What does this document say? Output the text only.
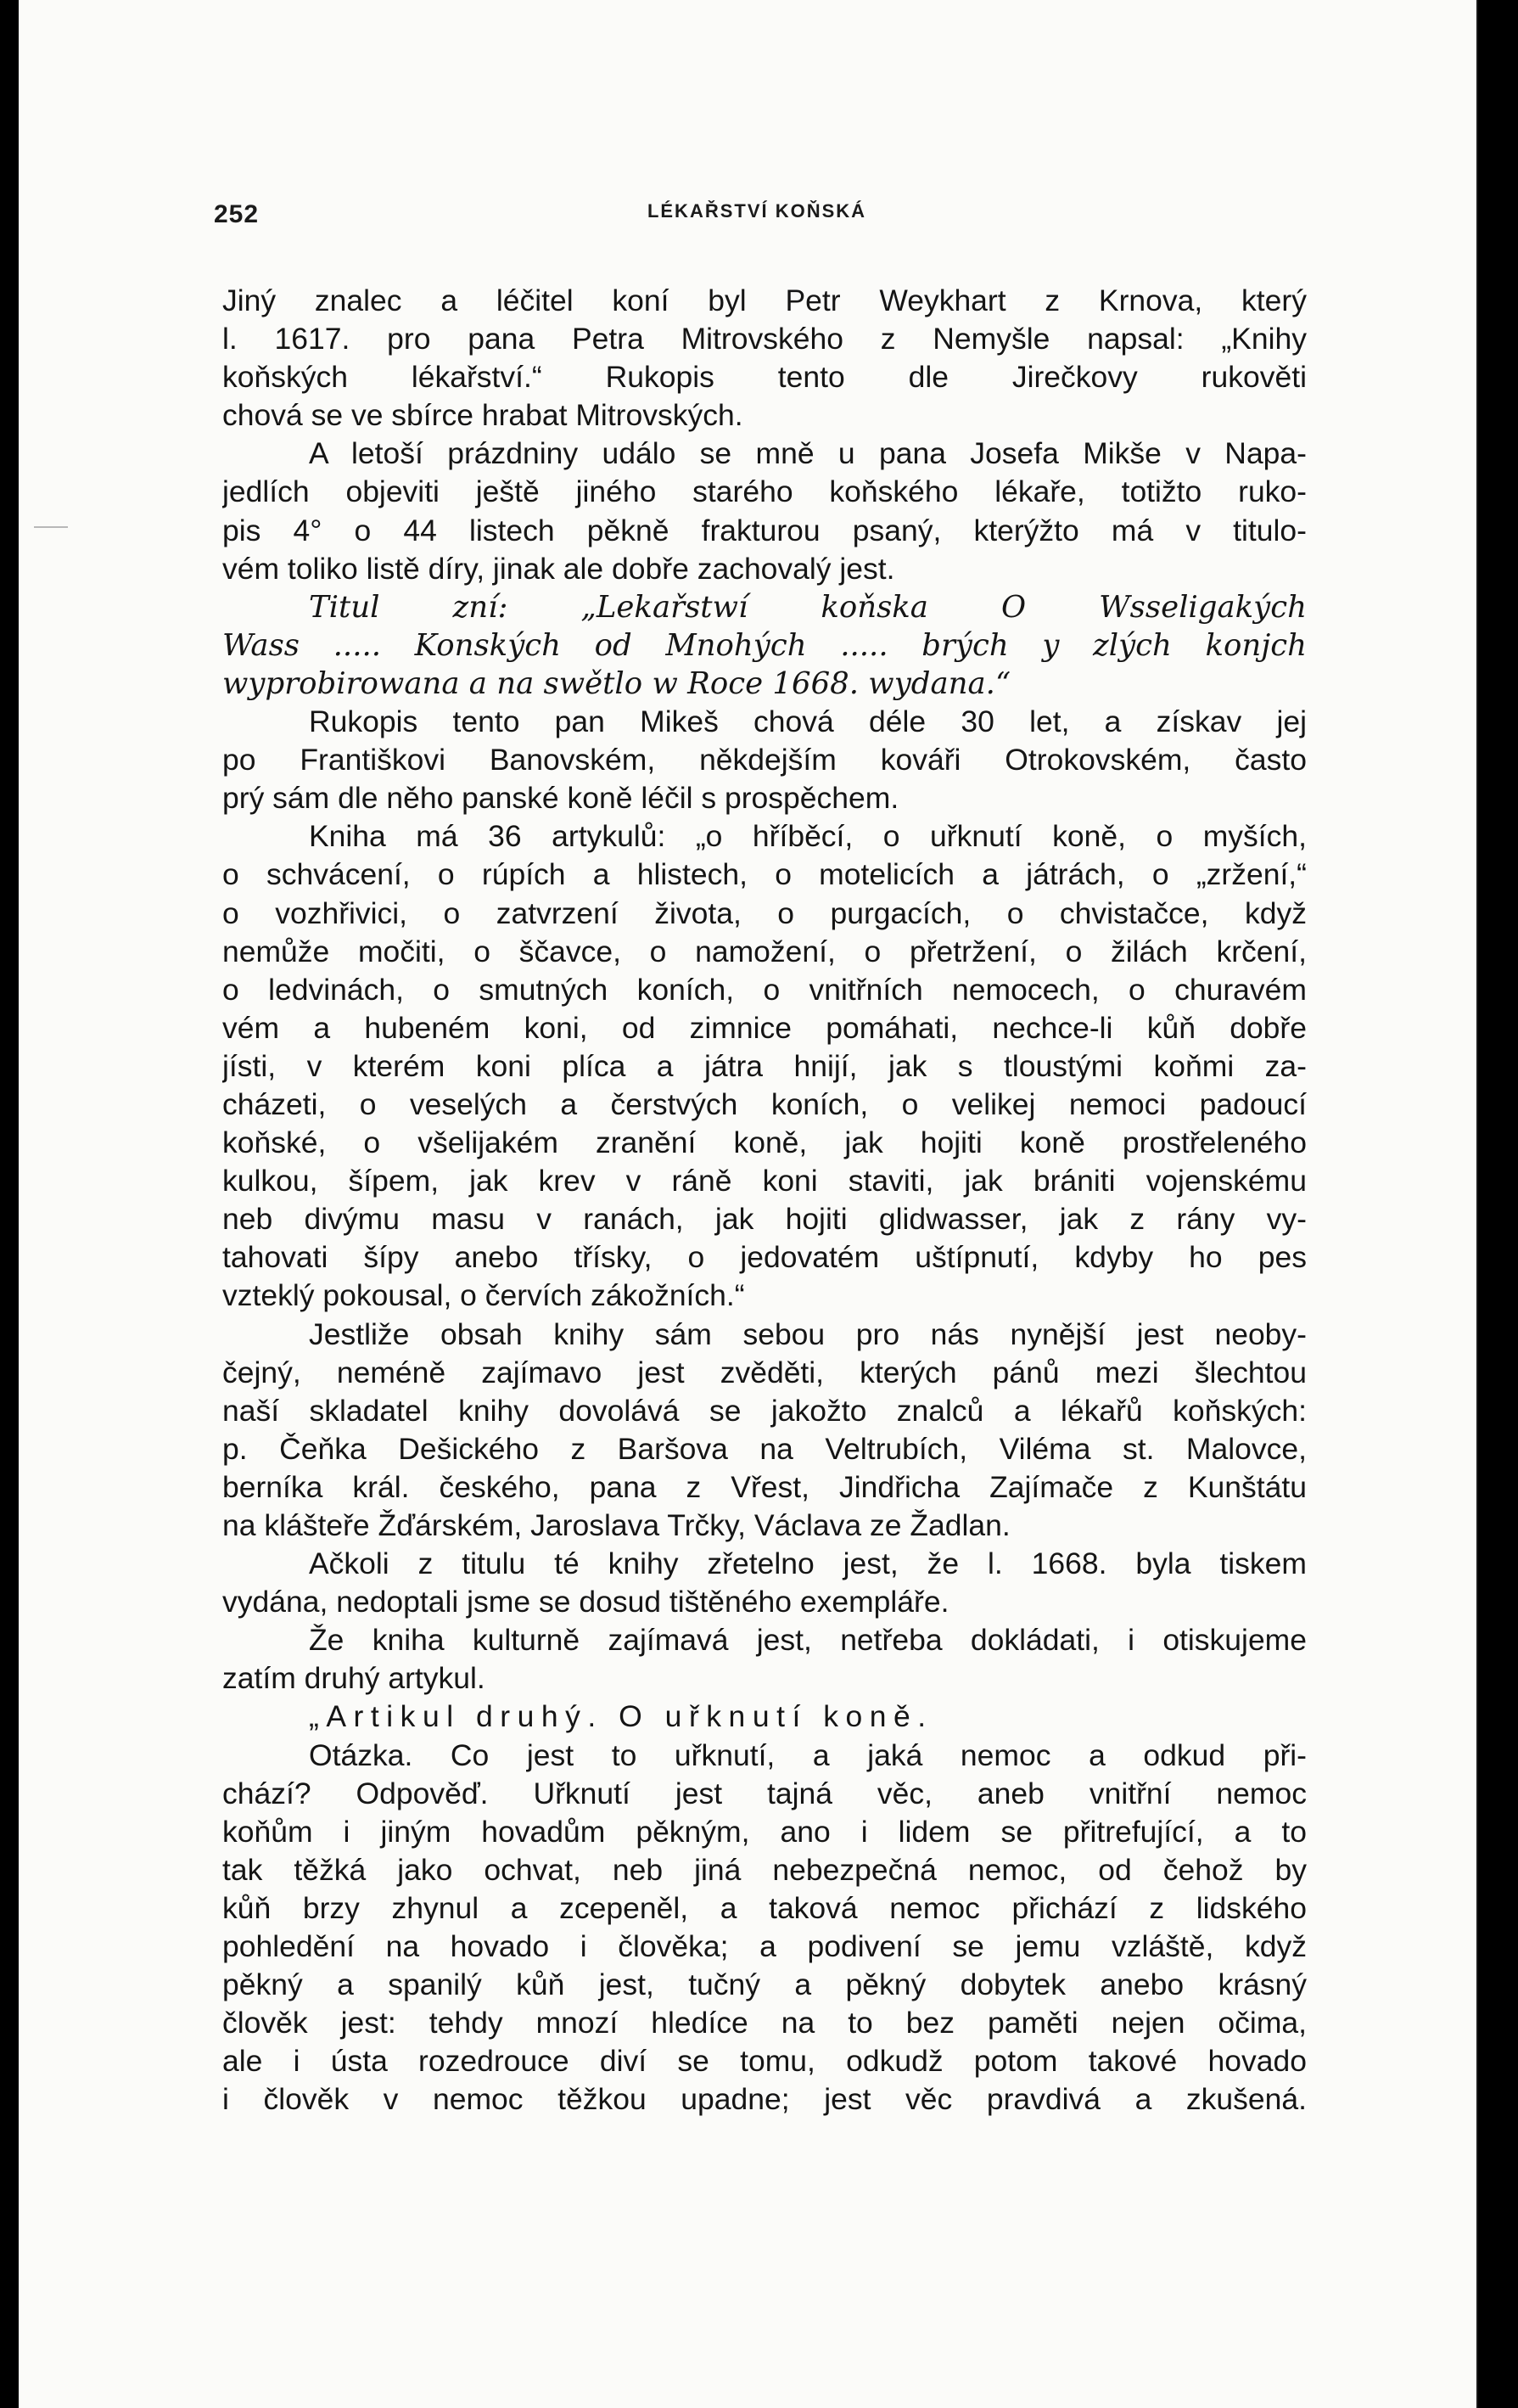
252	LÉKAŘSTVÍ KOŇSKÁ
Jiný znalec a léčitel koní byl Petr Weykhart z Krnova, který
l. 1617. pro pana Petra Mitrovského z Nemyšle napsal: „Knihy
koňských lékařství.“ Rukopis tento dle Jirečkovy rukověti
chová se ve sbírce hrabat Mitrovských.
A letoší prázdniny událo se mně u pana Josefa Mikše v Napa-
jedlích objeviti ještě jiného starého koňského lékaře, totižto ruko-
pis 4° o 44 listech pěkně frakturou psaný, kterýžto má v titulo-
vém toliko listě díry, jinak ale dobře zachovalý jest.
Titul zní: „Lekařstwí koňska O Wsseligakých
Wass ..... Konských od Mnohých ..... brých y zlých konjch
wyprobirowana a na swětlo w Roce 1668. wydana.“
Rukopis tento pan Mikeš chová déle 30 let, a získav jej
po Františkovi Banovském, někdejším kováři Otrokovském, často
prý sám dle něho panské koně léčil s prospěchem.
Kniha má 36 artykulů: „o hříběcí, o uřknutí koně, o myších,
o schvácení, o rúpích a hlistech, o motelicích a játrách, o „zržení,“
o vozhřivici, o zatvrzení života, o purgacích, o chvistačce, když
nemůže močiti, o ščavce, o namožení, o přetržení, o žilách krčení,
o ledvinách, o smutných koních, o vnitřních nemocech, o churavém
vém a hubeném koni, od zimnice pomáhati, nechce-li kůň dobře
jísti, v kterém koni plíca a játra hnijí, jak s tloustými koňmi za-
cházeti, o veselých a čerstvých koních, o velikej nemoci padoucí
koňské, o všelijakém zranění koně, jak hojiti koně prostřeleného
kulkou, šípem, jak krev v ráně koni staviti, jak brániti vojenskému
neb divýmu masu v ranách, jak hojiti glidwasser, jak z rány vy-
tahovati šípy anebo třísky, o jedovatém uštípnutí, kdyby ho pes
vzteklý pokousal, o červích zákožních.“
Jestliže obsah knihy sám sebou pro nás nynější jest neoby-
čejný, neméně zajímavo jest zvěděti, kterých pánů mezi šlechtou
naší skladatel knihy dovolává se jakožto znalců a lékařů koňských:
p. Čeňka Dešického z Baršova na Veltrubích, Viléma st. Malovce,
berníka král. českého, pana z Vřest, Jindřicha Zajímače z Kunštátu
na klášteře Žďárském, Jaroslava Trčky, Václava ze Žadlan.
Ačkoli z titulu té knihy zřetelno jest, že l. 1668. byla tiskem
vydána, nedoptali jsme se dosud tištěného exempláře.
Že kniha kulturně zajímavá jest, netřeba dokládati, i otiskujeme
zatím druhý artykul.
„Artikul druhý. O uřknutí koně.
Otázka. Co jest to uřknutí, a jaká nemoc a odkud při-
chází? Odpověď. Uřknutí jest tajná věc, aneb vnitřní nemoc
koňům i jiným hovadům pěkným, ano i lidem se přitrefující, a to
tak těžká jako ochvat, neb jiná nebezpečná nemoc, od čehož by
kůň brzy zhynul a zcepeněl, a taková nemoc přichází z lidského
pohledění na hovado i člověka; a podivení se jemu vzláště, když
pěkný a spanilý kůň jest, tučný a pěkný dobytek anebo krásný
člověk jest: tehdy mnozí hledíce na to bez paměti nejen očima,
ale i ústa rozedrouce diví se tomu, odkudž potom takové hovado
i člověk v nemoc těžkou upadne; jest věc pravdivá a zkušená.
